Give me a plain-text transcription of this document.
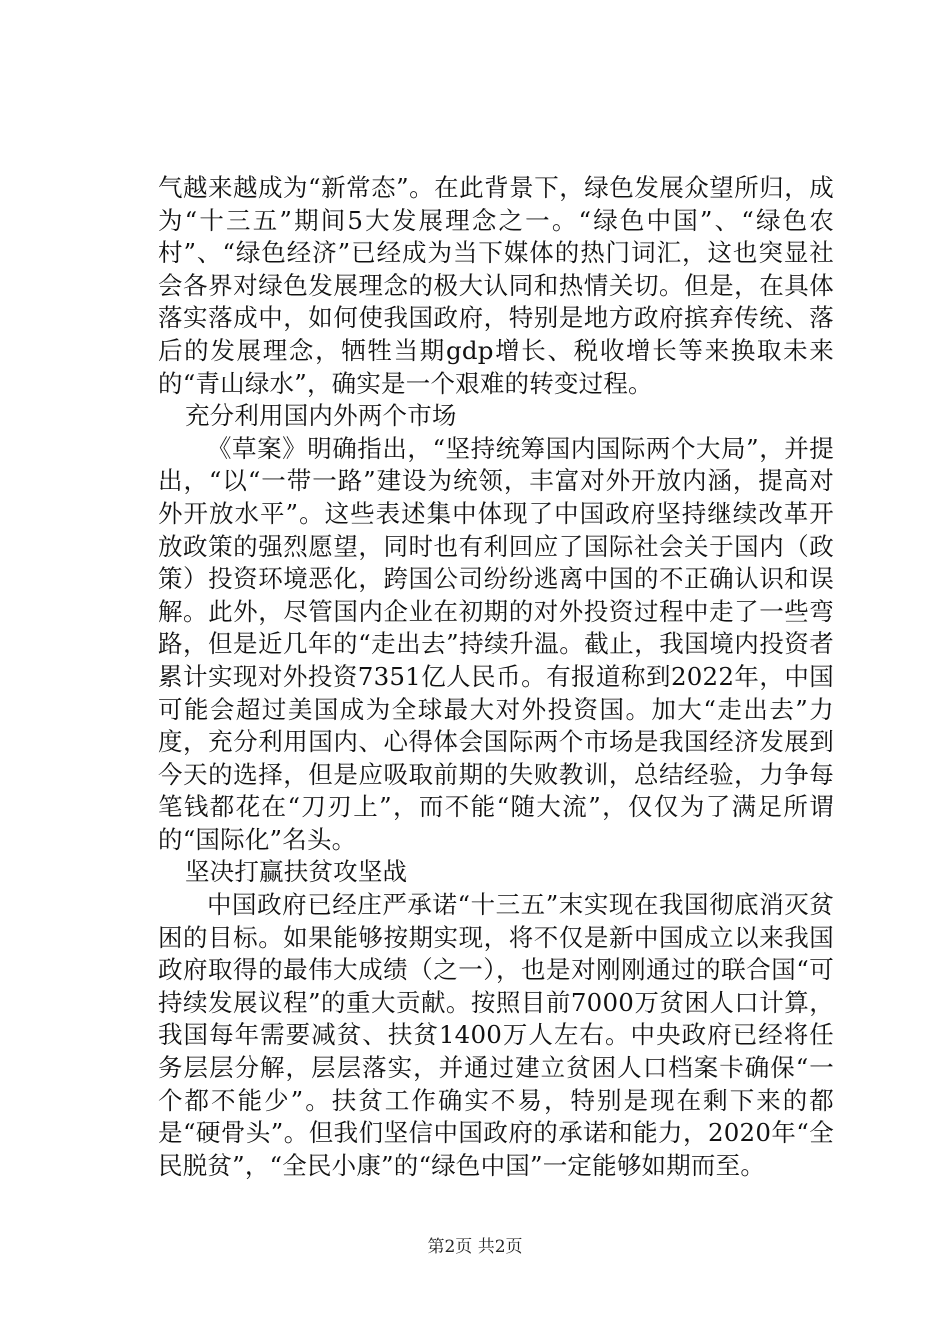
气越来越成为“新常态”。在此背景下，绿色发展众望所归，成为“十三五”期间5大发展理念之一。“绿色中国”、“绿色农村”、“绿色经济”已经成为当下媒体的热门词汇，这也突显社会各界对绿色发展理念的极大认同和热情关切。但是，在具体落实落成中，如何使我国政府，特别是地方政府摈弃传统、落后的发展理念，牺牲当期gdp增长、税收增长等来换取未来的“青山绿水”，确实是一个艰难的转变过程。

充分利用国内外两个市场

《草案》明确指出，“坚持统筹国内国际两个大局”，并提出，“以“一带一路”建设为统领，丰富对外开放内涵，提高对外开放水平”。这些表述集中体现了中国政府坚持继续改革开放政策的强烈愿望，同时也有利回应了国际社会关于国内（政策）投资环境恶化，跨国公司纷纷逃离中国的不正确认识和误解。此外，尽管国内企业在初期的对外投资过程中走了一些弯路，但是近几年的“走出去”持续升温。截止，我国境内投资者累计实现对外投资7351亿人民币。有报道称到2022年，中国可能会超过美国成为全球最大对外投资国。加大“走出去”力度，充分利用国内、心得体会国际两个市场是我国经济发展到今天的选择，但是应吸取前期的失败教训，总结经验，力争每笔钱都花在“刀刃上”，而不能“随大流”，仅仅为了满足所谓的“国际化”名头。

坚决打赢扶贫攻坚战

中国政府已经庄严承诺“十三五”末实现在我国彻底消灭贫困的目标。如果能够按期实现，将不仅是新中国成立以来我国政府取得的最伟大成绩（之一），也是对刚刚通过的联合国“可持续发展议程”的重大贡献。按照目前7000万贫困人口计算，我国每年需要减贫、扶贫1400万人左右。中央政府已经将任务层层分解，层层落实，并通过建立贫困人口档案卡确保“一个都不能少”。扶贫工作确实不易，特别是现在剩下来的都是“硬骨头”。但我们坚信中国政府的承诺和能力，2020年“全民脱贫”，“全民小康”的“绿色中国”一定能够如期而至。

第2页 共2页
